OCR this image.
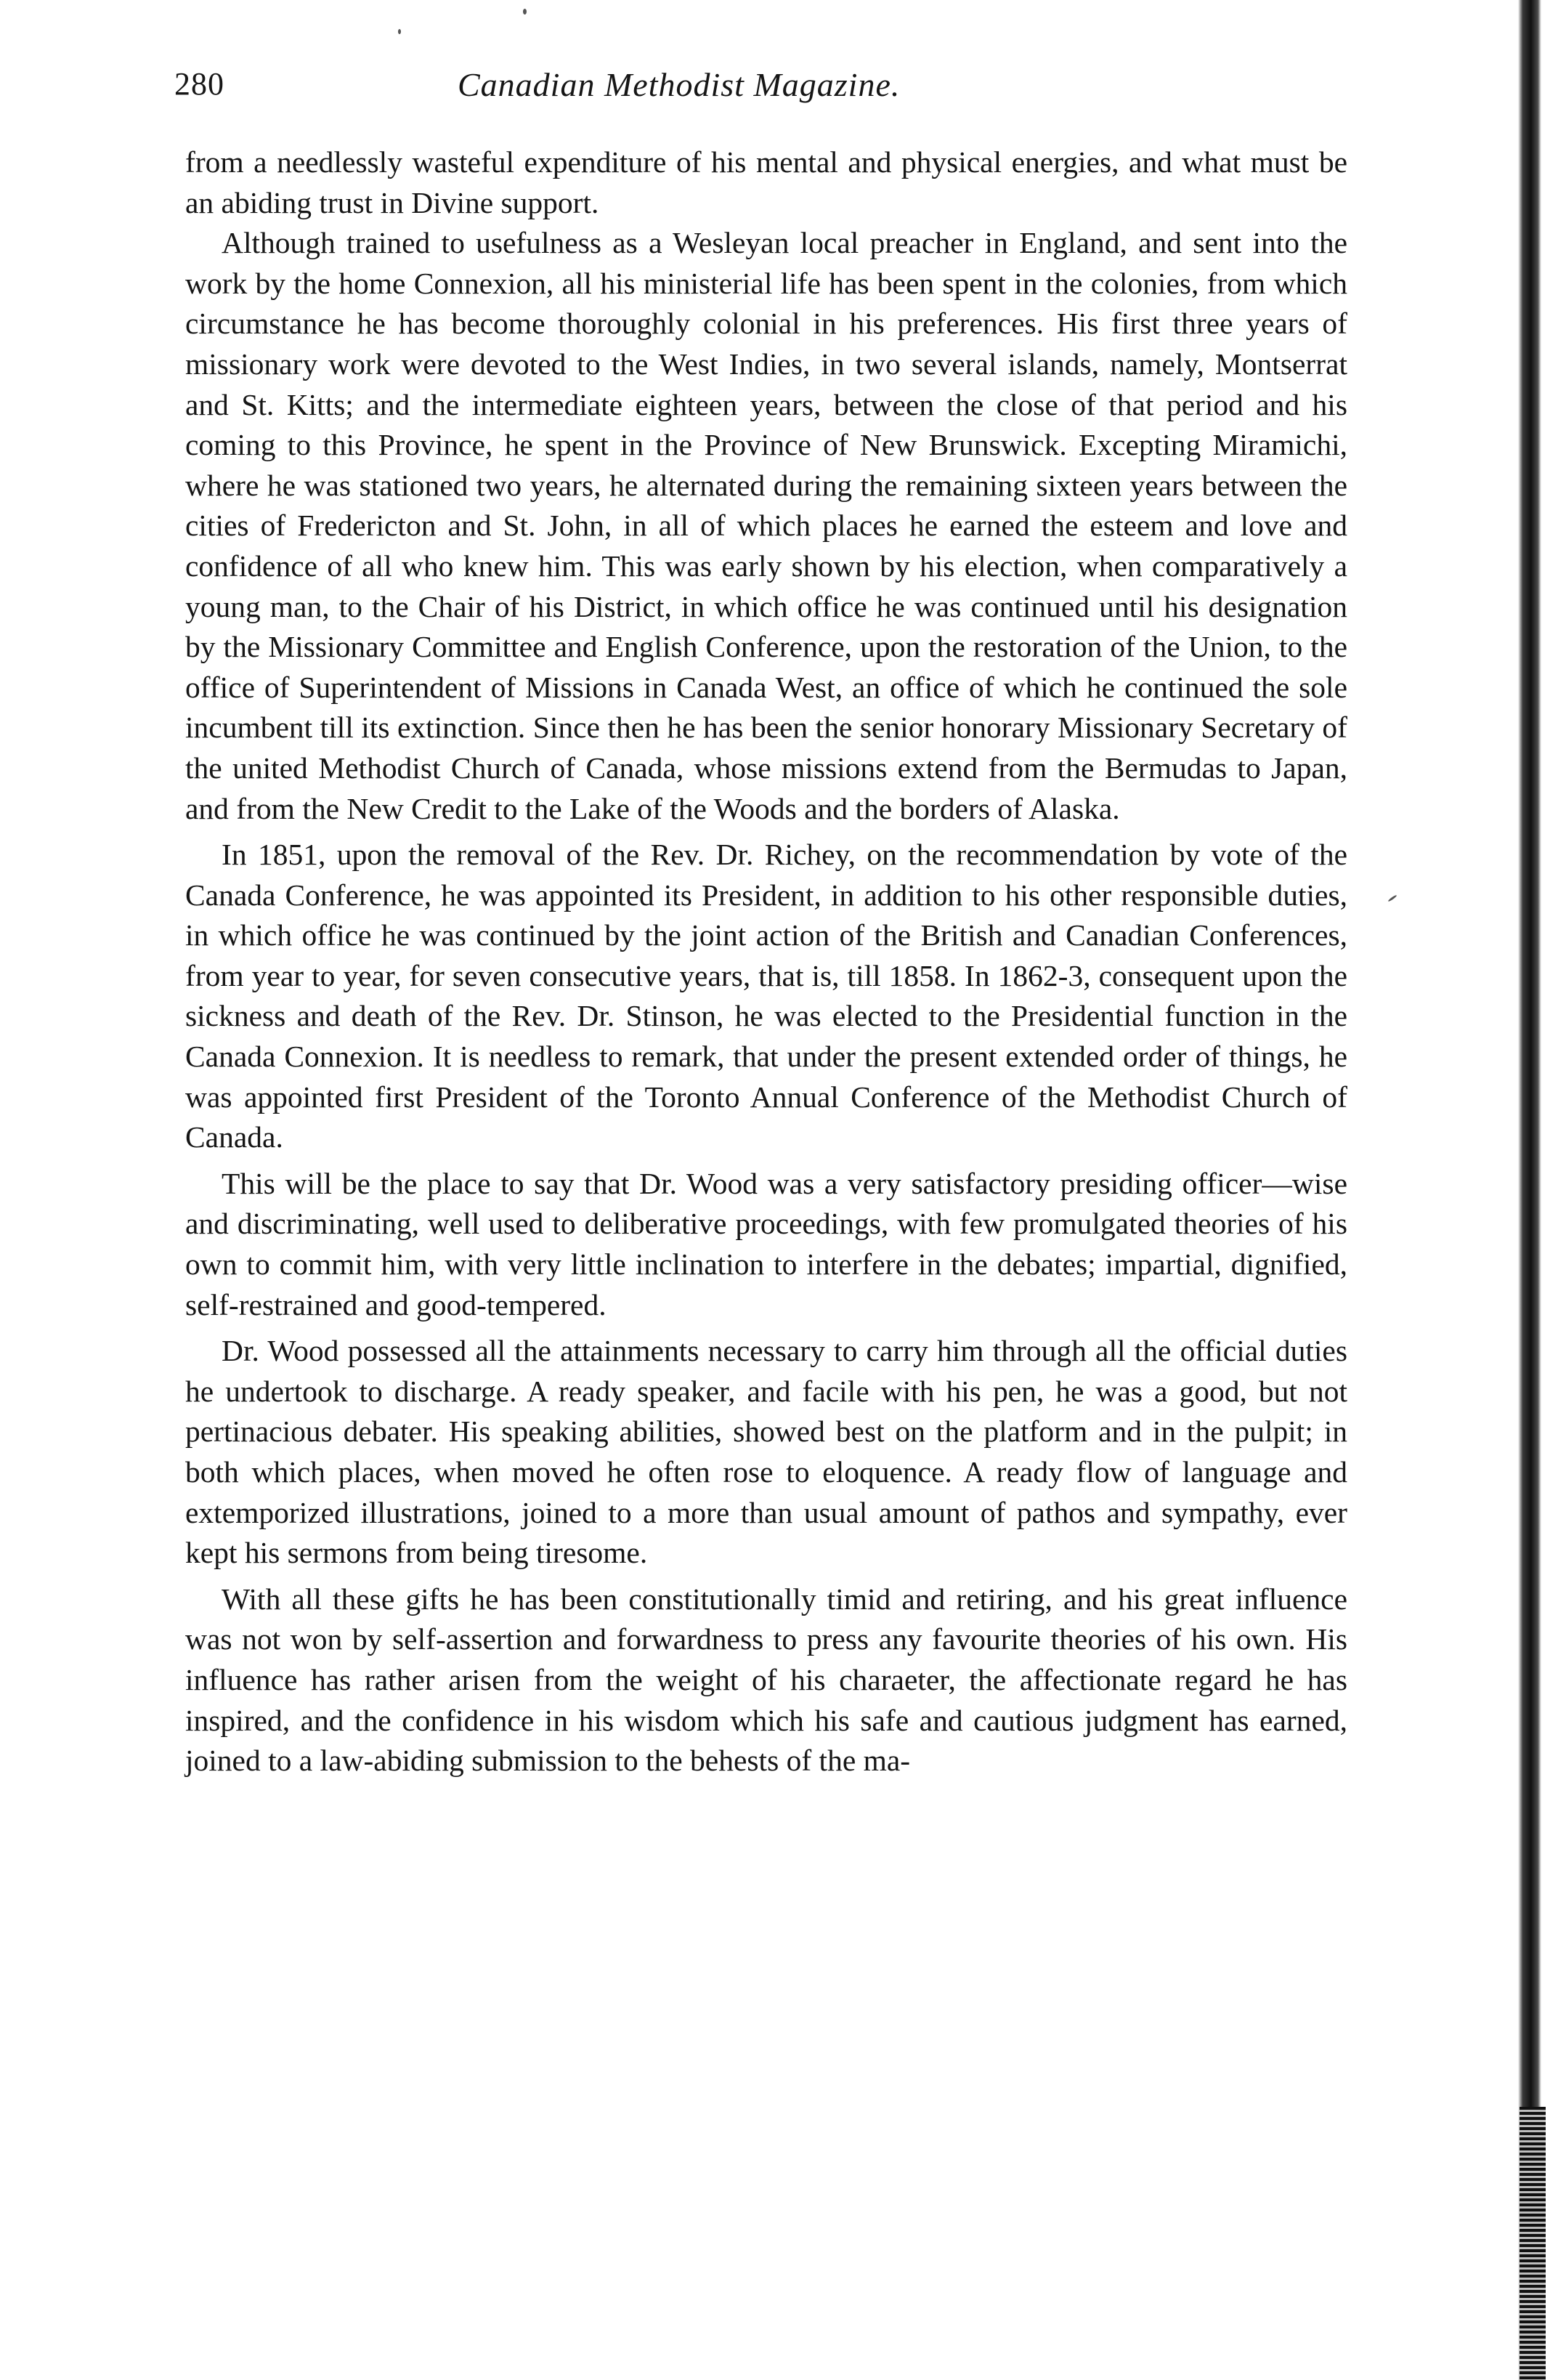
280	Canadian Methodist Magazine.

from a needlessly wasteful expenditure of his mental and physical energies, and what must be an abiding trust in Divine support.

Although trained to usefulness as a Wesleyan local preacher in England, and sent into the work by the home Connexion, all his ministerial life has been spent in the colonies, from which circumstance he has become thoroughly colonial in his preferences. His first three years of missionary work were devoted to the West Indies, in two several islands, namely, Montserrat and St. Kitts; and the intermediate eighteen years, between the close of that period and his coming to this Province, he spent in the Province of New Brunswick. Excepting Miramichi, where he was stationed two years, he alternated during the remaining sixteen years between the cities of Fredericton and St. John, in all of which places he earned the esteem and love and confidence of all who knew him. This was early shown by his election, when comparatively a young man, to the Chair of his District, in which office he was continued until his designation by the Missionary Committee and English Conference, upon the restoration of the Union, to the office of Superintendent of Missions in Canada West, an office of which he continued the sole incumbent till its extinction. Since then he has been the senior honorary Missionary Secretary of the united Methodist Church of Canada, whose missions extend from the Bermudas to Japan, and from the New Credit to the Lake of the Woods and the borders of Alaska.

In 1851, upon the removal of the Rev. Dr. Richey, on the recommendation by vote of the Canada Conference, he was appointed its President, in addition to his other responsible duties, in which office he was continued by the joint action of the British and Canadian Conferences, from year to year, for seven consecutive years, that is, till 1858. In 1862-3, consequent upon the sickness and death of the Rev. Dr. Stinson, he was elected to the Presidential function in the Canada Connexion. It is needless to remark, that under the present extended order of things, he was appointed first President of the Toronto Annual Conference of the Methodist Church of Canada.

This will be the place to say that Dr. Wood was a very satisfactory presiding officer—wise and discriminating, well used to deliberative proceedings, with few promulgated theories of his own to commit him, with very little inclination to interfere in the debates; impartial, dignified, self-restrained and good-tempered.

Dr. Wood possessed all the attainments necessary to carry him through all the official duties he undertook to discharge. A ready speaker, and facile with his pen, he was a good, but not pertinacious debater. His speaking abilities, showed best on the platform and in the pulpit; in both which places, when moved he often rose to eloquence. A ready flow of language and extemporized illustrations, joined to a more than usual amount of pathos and sympathy, ever kept his sermons from being tiresome.

With all these gifts he has been constitutionally timid and retiring, and his great influence was not won by self-assertion and forwardness to press any favourite theories of his own. His influence has rather arisen from the weight of his charaeter, the affectionate regard he has inspired, and the confidence in his wisdom which his safe and cautious judgment has earned, joined to a law-abiding submission to the behests of the ma-
